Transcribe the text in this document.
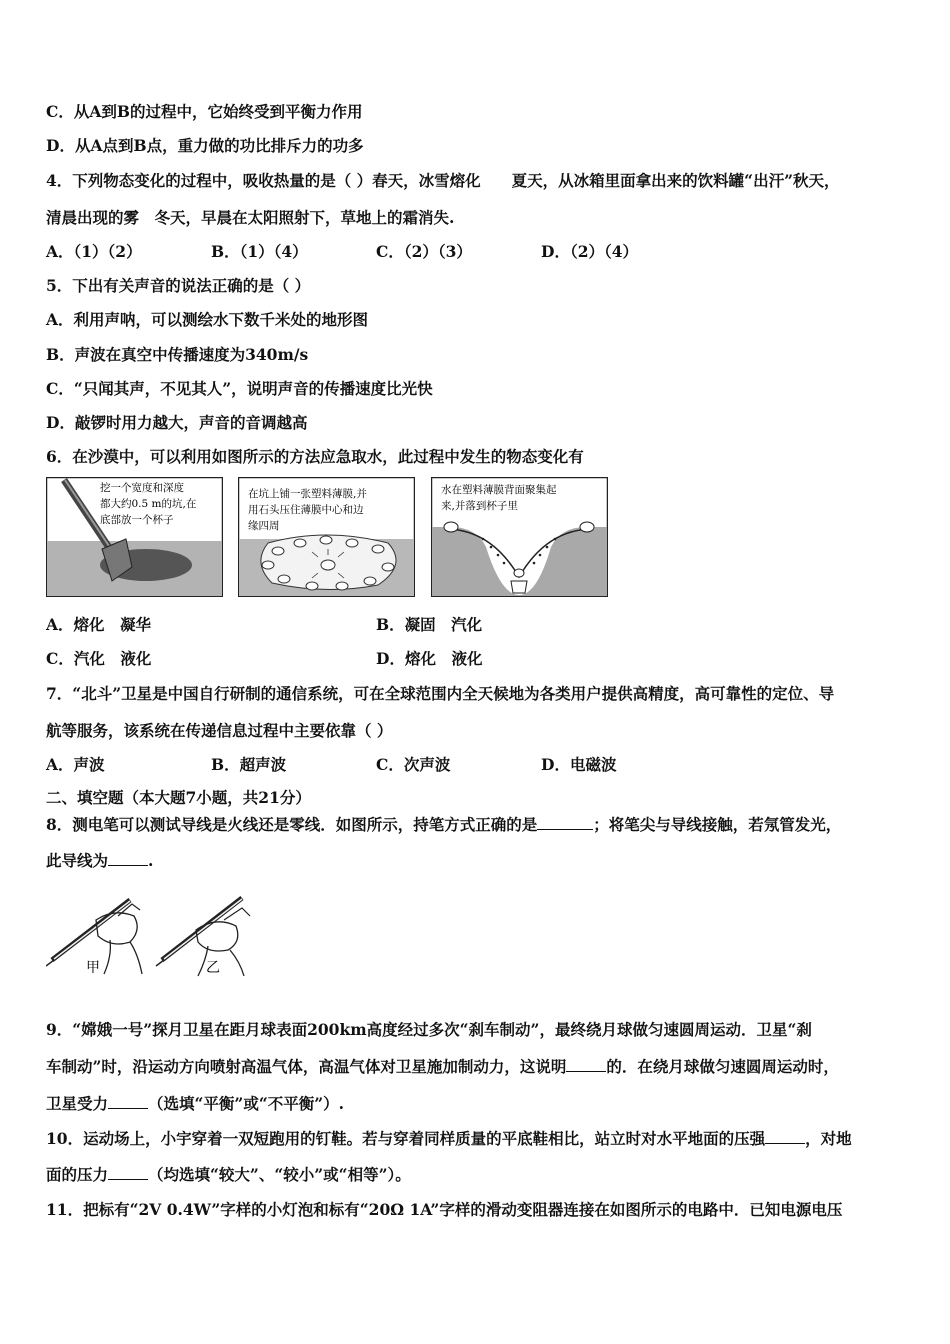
C．从A到B的过程中，它始终受到平衡力作用
D．从A点到B点，重力做的功比排斥力的功多
4．下列物态变化的过程中，吸收热量的是（ ）春天，冰雪熔化　　夏天，从冰箱里面拿出来的饮料罐“出汗”秋天，
清晨出现的雾　冬天，早晨在太阳照射下，草地上的霜消失.
A．（1）（2）	B．（1）（4）	C．（2）（3）	D．（2）（4）
5．下出有关声音的说法正确的是（ ）
A．利用声呐，可以测绘水下数千米处的地形图
B．声波在真空中传播速度为340m/s
C．“只闻其声，不见其人”，说明声音的传播速度比光快
D．敲锣时用力越大，声音的音调越高
6．在沙漠中，可以利用如图所示的方法应急取水，此过程中发生的物态变化有
挖一个宽度和深度
都大约0.5 m的坑,在
底部放一个杯子
在坑上铺一张塑料薄膜,并
用石头压住薄膜中心和边
缘四周
水在塑料薄膜背面聚集起
来,并落到杯子里
A．熔化　凝华	B．凝固　汽化
C．汽化　液化	D．熔化　液化
7．“北斗”卫星是中国自行研制的通信系统，可在全球范围内全天候地为各类用户提供高精度，高可靠性的定位、导
航等服务，该系统在传递信息过程中主要依靠（ ）
A．声波	B．超声波	C．次声波	D．电磁波
二、填空题（本大题7小题，共21分）
8．测电笔可以测试导线是火线还是零线．如图所示，持笔方式正确的是	；将笔尖与导线接触，若氖管发光，
此导线为	.
甲	乙
9．“嫦娥一号”探月卫星在距月球表面200km高度经过多次“刹车制动”，最终绕月球做匀速圆周运动．卫星“刹
车制动”时，沿运动方向喷射高温气体，高温气体对卫星施加制动力，这说明	的．在绕月球做匀速圆周运动时，
卫星受力	（选填“平衡”或“不平衡”）.
10．运动场上，小宇穿着一双短跑用的钉鞋。若与穿着同样质量的平底鞋相比，站立时对水平地面的压强	，对地
面的压力	（均选填“较大”、“较小”或“相等”）。
11．把标有“2V 0.4W”字样的小灯泡和标有“20Ω 1A”字样的滑动变阻器连接在如图所示的电路中．已知电源电压
